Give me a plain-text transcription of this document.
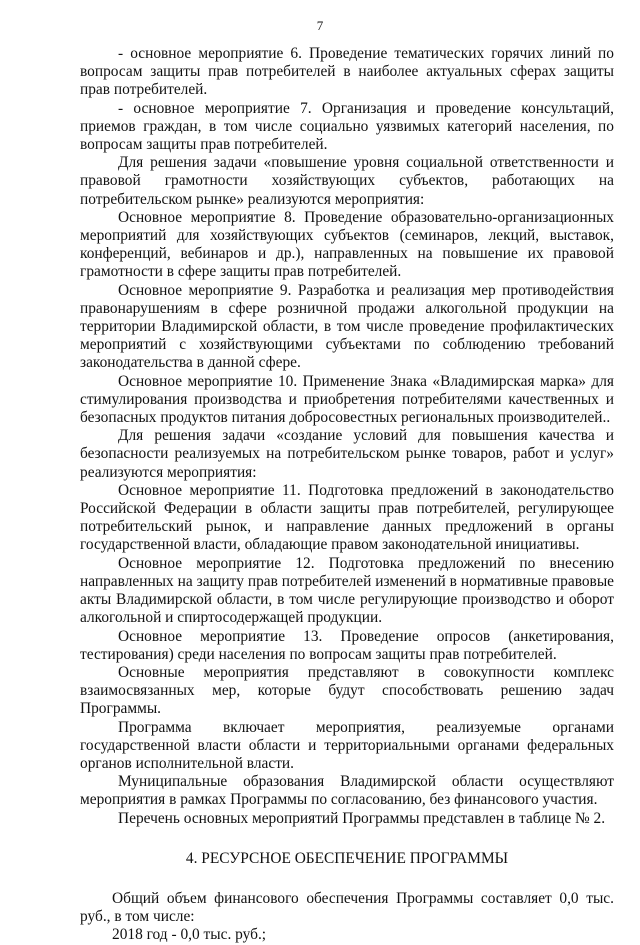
7

- основное мероприятие 6. Проведение тематических горячих линий по вопросам защиты прав потребителей в наиболее актуальных сферах защиты прав потребителей.

- основное мероприятие 7. Организация и проведение консультаций, приемов граждан, в том числе социально уязвимых категорий населения, по вопросам защиты прав потребителей.

Для решения задачи «повышение уровня социальной ответственности и правовой грамотности хозяйствующих субъектов, работающих на потребительском рынке» реализуются мероприятия:

Основное мероприятие 8. Проведение образовательно-организационных мероприятий для хозяйствующих субъектов (семинаров, лекций, выставок, конференций, вебинаров и др.), направленных на повышение их правовой грамотности в сфере защиты прав потребителей.

Основное мероприятие 9. Разработка и реализация мер противодействия правонарушениям в сфере розничной продажи алкогольной продукции на территории Владимирской области, в том числе проведение профилактических мероприятий с хозяйствующими субъектами по соблюдению требований законодательства в данной сфере.

Основное мероприятие 10. Применение Знака «Владимирская марка» для стимулирования производства и приобретения потребителями качественных и безопасных продуктов питания добросовестных региональных производителей..

Для решения задачи «создание условий для повышения качества и безопасности реализуемых на потребительском рынке товаров, работ и услуг» реализуются мероприятия:

Основное мероприятие 11. Подготовка предложений в законодательство Российской Федерации в области защиты прав потребителей, регулирующее потребительский рынок, и направление данных предложений в органы государственной власти, обладающие правом законодательной инициативы.

Основное мероприятие 12. Подготовка предложений по внесению направленных на защиту прав потребителей изменений в нормативные правовые акты Владимирской области, в том числе регулирующие производство и оборот алкогольной и спиртосодержащей продукции.

Основное мероприятие 13. Проведение опросов (анкетирования, тестирования) среди населения по вопросам защиты прав потребителей.

Основные мероприятия представляют в совокупности комплекс взаимосвязанных мер, которые будут способствовать решению задач Программы.

Программа включает мероприятия, реализуемые органами государственной власти области и территориальными органами федеральных органов исполнительной власти.

Муниципальные образования Владимирской области осуществляют мероприятия в рамках Программы по согласованию, без финансового участия.

Перечень основных мероприятий Программы представлен в таблице № 2.

4. РЕСУРСНОЕ ОБЕСПЕЧЕНИЕ ПРОГРАММЫ

Общий объем финансового обеспечения Программы составляет 0,0 тыс. руб., в том числе:

2018 год - 0,0 тыс. руб.;
